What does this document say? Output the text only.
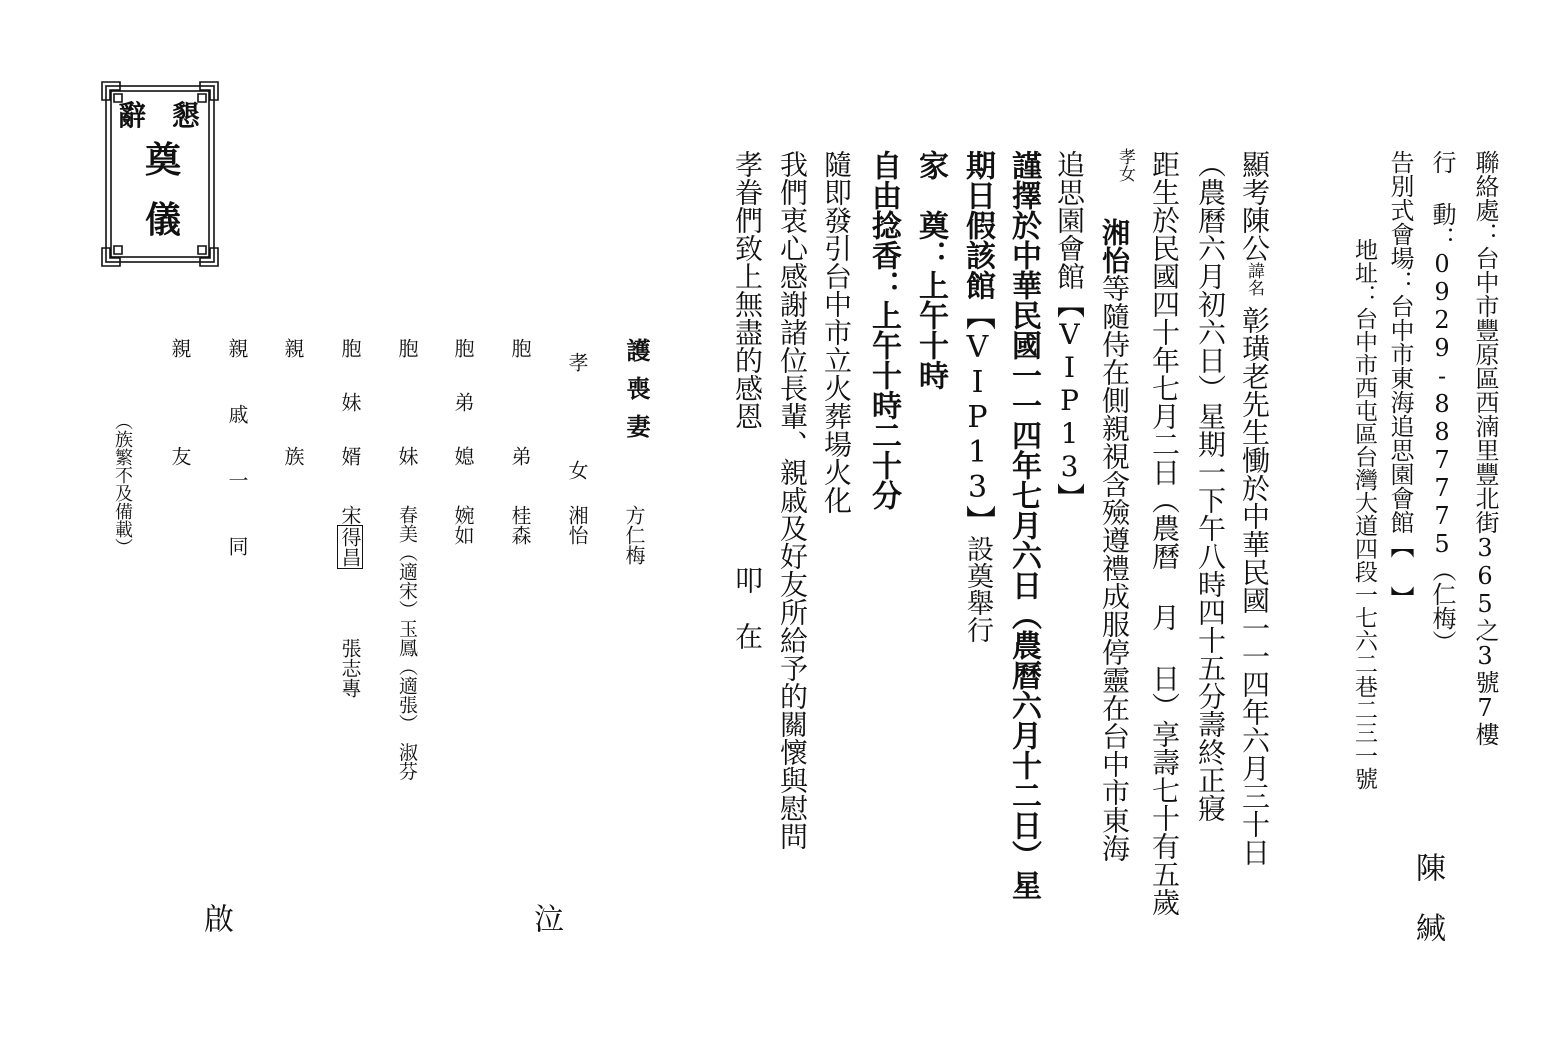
辭 懇
奠
儀	聯絡處：台中市豐原區西湳里豐北街365之3號7樓
行 動：0929-887775（仁梅）
告別式會場：台中市東海追思園會館【 】
地址：台中市西屯區台灣大道四段一七六二巷二三一號
陳　緘
顯考陳公諱名彰璜老先生慟於中華民國一一四年六月三十日
（農曆六月初六日）星期一下午八時四十五分壽終正寢
距生於民國四十年七月二日（農曆 月 日）享壽七十有五歲
孝女
追思園會館【VIP13】 湘怡等隨侍在側親視含殮遵禮成服停靈在台中市東海
謹擇於中華民國一一四年七月六日（農曆六月十二日）星
期日假該館【VIP13】設奠舉行
家　奠：上午十時
自由捻香：上午十時二十分
隨即發引台中市立火葬場火化
我們衷心感謝諸位長輩、親戚及好友所給予的關懷與慰問
孝眷們致上無盡的感恩
叩　在
護喪妻
方仁梅
孝　女
湘怡
胞　弟
桂森
胞弟媳
婉如
胞　妹
春美（適宋）玉鳳（適張）　淑芬
胞妹婿
宋得昌
張志專
親　族
親　戚　一　同
親　友
（族繁不及備載）
泣
啟
